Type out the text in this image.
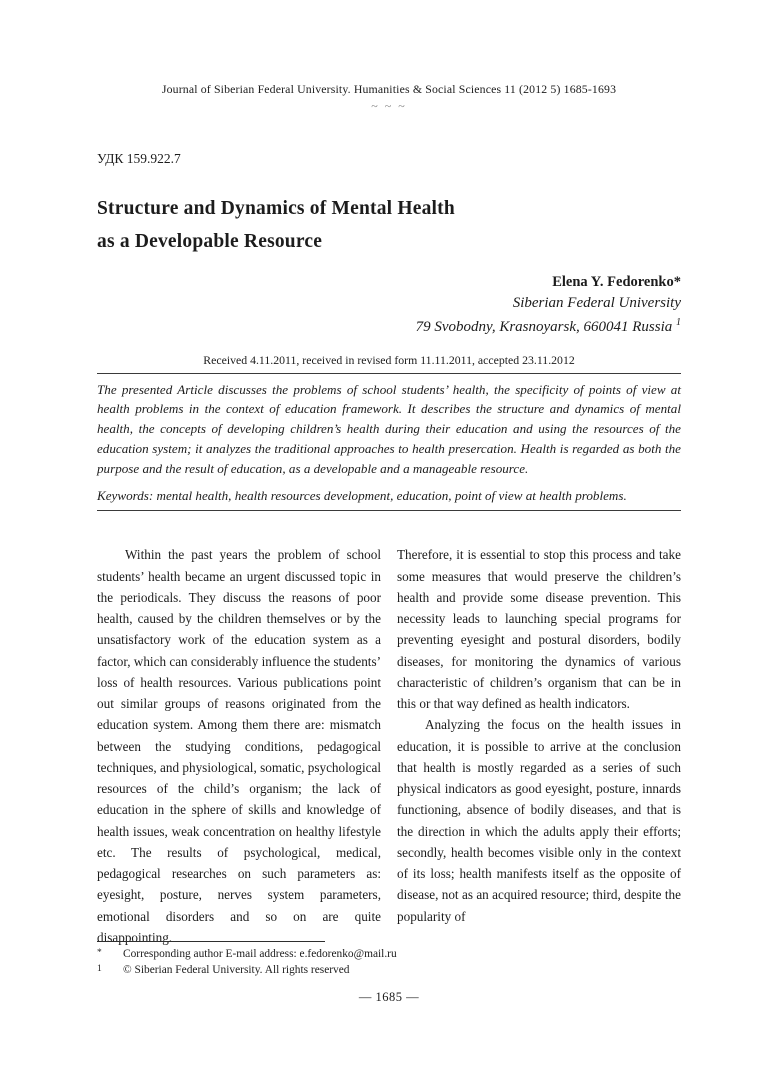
Journal of Siberian Federal University. Humanities & Social Sciences 11 (2012 5) 1685-1693
~ ~ ~
УДК 159.922.7
Structure and Dynamics of Mental Health
as a Developable Resource
Elena Y. Fedorenko*
Siberian Federal University
79 Svobodny, Krasnoyarsk, 660041 Russia $^1$
Received 4.11.2011, received in revised form 11.11.2011, accepted 23.11.2012
The presented Article discusses the problems of school students’ health, the specificity of points of view at health problems in the context of education framework. It describes the structure and dynamics of mental health, the concepts of developing children’s health during their education and using the resources of the education system; it analyzes the traditional approaches to health presercation. Health is regarded as both the purpose and the result of education, as a developable and a manageable resource.
Keywords: mental health, health resources development, education, point of view at health problems.

Within the past years the problem of school students’ health became an urgent discussed topic in the periodicals. They discuss the reasons of poor health, caused by the children themselves or by the unsatisfactory work of the education system as a factor, which can considerably influence the students’ loss of health resources. Various publications point out similar groups of reasons originated from the education system. Among them there are: mismatch between the studying conditions, pedagogical techniques, and physiological, somatic, psychological resources of the child’s organism; the lack of education in the sphere of skills and knowledge of health issues, weak concentration on healthy lifestyle etc. The results of psychological, medical, pedagogical researches on such parameters as: eyesight, posture, nerves system parameters, emotional disorders and so on are quite disappointing.

Therefore, it is essential to stop this process and take some measures that would preserve the children’s health and provide some disease prevention. This necessity leads to launching special programs for preventing eyesight and postural disorders, bodily diseases, for monitoring the dynamics of various characteristic of children’s organism that can be in this or that way defined as health indicators.

Analyzing the focus on the health issues in education, it is possible to arrive at the conclusion that health is mostly regarded as a series of such physical indicators as good eyesight, posture, innards functioning, absence of bodily diseases, and that is the direction in which the adults apply their efforts; secondly, health becomes visible only in the context of its loss; health manifests itself as the opposite of disease, not as an acquired resource; third, despite the popularity of

*	Corresponding author E-mail address: e.fedorenko@mail.ru
1	© Siberian Federal University. All rights reserved
— 1685 —
